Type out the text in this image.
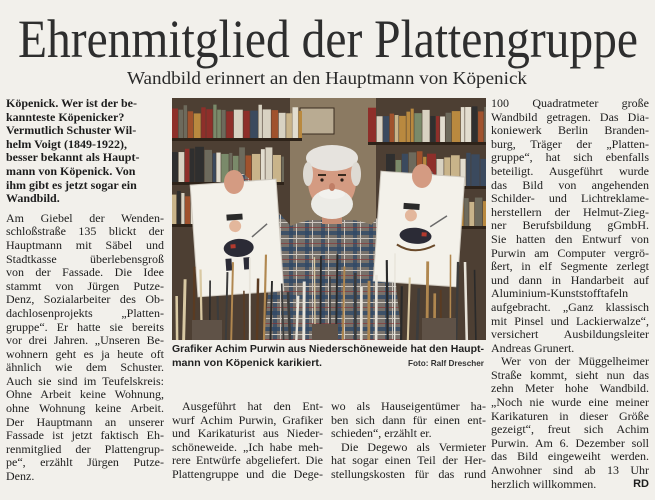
Ehrenmitglied der Plattengruppe
Wandbild erinnert an den Hauptmann von Köpenick
Köpenick. Wer ist der be-
kannteste Köpenicker?
Vermutlich Schuster Wil-
helm Voigt (1849-1922),
besser bekannt als Haupt-
mann von Köpenick. Von
ihm gibt es jetzt sogar ein
Wandbild.
Am Giebel der Wenden-
schloßstraße 135 blickt der
Hauptmann mit Säbel und
Stadtkasse überlebensgroß
von der Fassade. Die Idee
stammt von Jürgen Putze-
Denz, Sozialarbeiter des Ob-
dachlosenprojekts „Platten-
gruppe“. Er hatte sie bereits
vor drei Jahren. „Unseren Be-
wohnern geht es ja heute oft
ähnlich wie dem Schuster.
Auch sie sind im Teufelskreis:
Ohne Arbeit keine Wohnung,
ohne Wohnung keine Arbeit.
Der Hauptmann an unserer
Fassade ist jetzt faktisch Eh-
renmitglied der Plattengrup-
pe“, erzählt Jürgen Putze-
Denz.
Grafiker Achim Purwin aus Niederschöneweide hat den Haupt-
mann von Köpenick karikiert.	Foto: Ralf Drescher
Ausgeführt hat den Ent-
wurf Achim Purwin, Grafiker
und Karikaturist aus Nieder-
schöneweide. „Ich habe meh-
rere Entwürfe abgeliefert. Die
Plattengruppe und die Dege-
wo als Hauseigentümer ha-
ben sich dann für einen ent-
schieden“, erzählt er.
Die Degewo als Vermieter
hat sogar einen Teil der Her-
stellungskosten für das rund
100 Quadratmeter große
Wandbild getragen. Das Dia-
koniewerk Berlin Branden-
burg, Träger der „Platten-
gruppe“, hat sich ebenfalls
beteiligt. Ausgeführt wurde
das Bild von angehenden
Schilder- und Lichtreklame-
herstellern der Helmut-Zieg-
ner Berufsbildung gGmbH.
Sie hatten den Entwurf von
Purwin am Computer vergrö-
ßert, in elf Segmente zerlegt
und dann in Handarbeit auf
Aluminium-Kunststofftafeln
aufgebracht. „Ganz klassisch
mit Pinsel und Lackierwalze“,
versichert Ausbildungsleiter
Andreas Grunert.
Wer von der Müggelheimer
Straße kommt, sieht nun das
zehn Meter hohe Wandbild.
„Noch nie wurde eine meiner
Karikaturen in dieser Größe
gezeigt“, freut sich Achim
Purwin. Am 6. Dezember soll
das Bild eingeweiht werden.
Anwohner sind ab 13 Uhr
herzlich willkommen.	RD
